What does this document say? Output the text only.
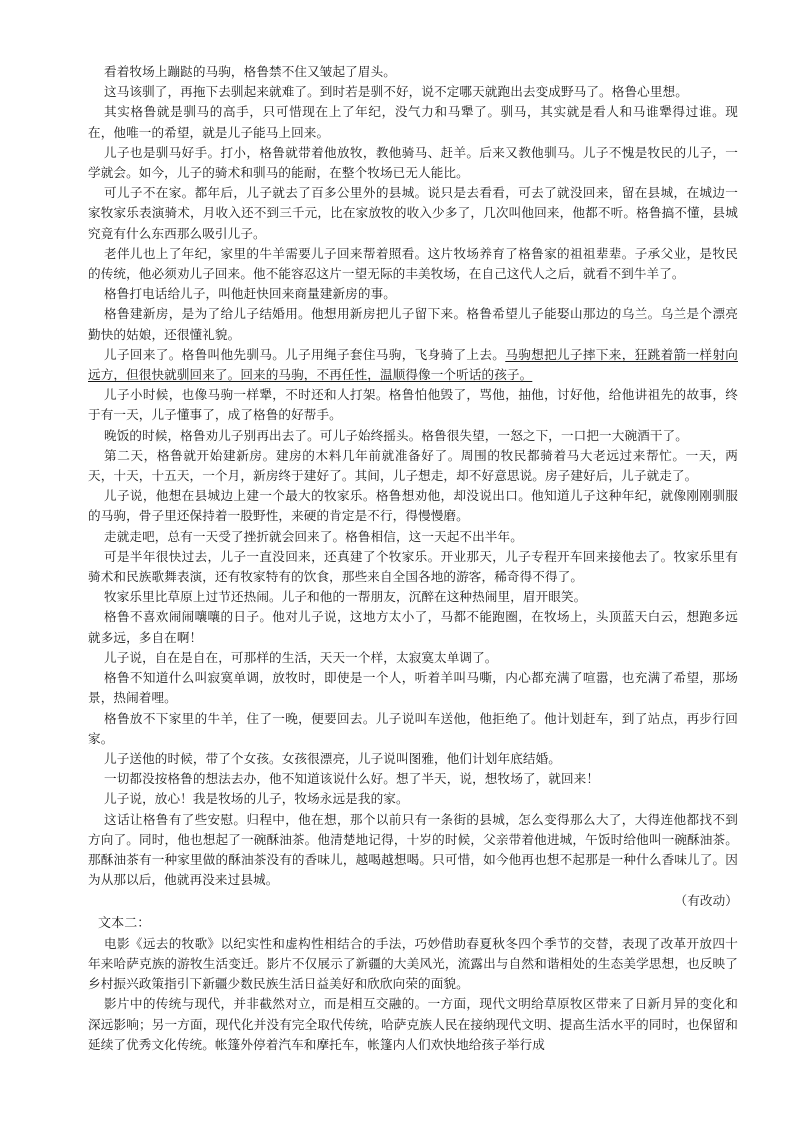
看着牧场上蹦跶的马驹，格鲁禁不住又皱起了眉头。

这马该驯了，再拖下去驯起来就难了。到时若是驯不好，说不定哪天就跑出去变成野马了。格鲁心里想。

其实格鲁就是驯马的高手，只可惜现在上了年纪，没气力和马犟了。驯马，其实就是看人和马谁犟得过谁。现在，他唯一的希望，就是儿子能马上回来。

儿子也是驯马好手。打小，格鲁就带着他放牧，教他骑马、赶羊。后来又教他驯马。儿子不愧是牧民的儿子，一学就会。如今，儿子的骑术和驯马的能耐，在整个牧场已无人能比。

可儿子不在家。都年后，儿子就去了百多公里外的县城。说只是去看看，可去了就没回来，留在县城，在城边一家牧家乐表演骑术，月收入还不到三千元，比在家放牧的收入少多了，几次叫他回来，他都不听。格鲁搞不懂，县城究竟有什么东西那么吸引儿子。

老伴儿也上了年纪，家里的牛羊需要儿子回来帮着照看。这片牧场养育了格鲁家的祖祖辈辈。子承父业，是牧民的传统，他必须劝儿子回来。他不能容忍这片一望无际的丰美牧场，在自己这代人之后，就看不到牛羊了。

格鲁打电话给儿子，叫他赶快回来商量建新房的事。

格鲁建新房，是为了给儿子结婚用。他想用新房把儿子留下来。格鲁希望儿子能娶山那边的乌兰。乌兰是个漂亮勤快的姑娘，还很懂礼貌。

儿子回来了。格鲁叫他先驯马。儿子用绳子套住马驹，飞身骑了上去。马驹想把儿子摔下来，狂跳着箭一样射向远方，但很快就驯回来了。回来的马驹，不再任性，温顺得像一个听话的孩子。

儿子小时候，也像马驹一样犟，不时还和人打架。格鲁怕他毁了，骂他，抽他，讨好他，给他讲祖先的故事，终于有一天，儿子懂事了，成了格鲁的好帮手。

晚饭的时候，格鲁劝儿子别再出去了。可儿子始终摇头。格鲁很失望，一怒之下，一口把一大碗酒干了。

第二天，格鲁就开始建新房。建房的木料几年前就准备好了。周围的牧民都骑着马大老远过来帮忙。一天，两天，十天，十五天，一个月，新房终于建好了。其间，儿子想走，却不好意思说。房子建好后，儿子就走了。

儿子说，他想在县城边上建一个最大的牧家乐。格鲁想劝他，却没说出口。他知道儿子这种年纪，就像刚刚驯服的马驹，骨子里还保持着一股野性，来硬的肯定是不行，得慢慢磨。

走就走吧，总有一天受了挫折就会回来了。格鲁相信，这一天起不出半年。

可是半年很快过去，儿子一直没回来，还真建了个牧家乐。开业那天，儿子专程开车回来接他去了。牧家乐里有骑术和民族歌舞表演，还有牧家特有的饮食，那些来自全国各地的游客，稀奇得不得了。

牧家乐里比草原上过节还热闹。儿子和他的一帮朋友，沉醉在这种热闹里，眉开眼笑。

格鲁不喜欢闹闹嚷嚷的日子。他对儿子说，这地方太小了，马都不能跑圈，在牧场上，头顶蓝天白云，想跑多远就多远，多自在啊！

儿子说，自在是自在，可那样的生活，天天一个样，太寂寞太单调了。

格鲁不知道什么叫寂寞单调，放牧时，即使是一个人，听着羊叫马嘶，内心都充满了喧嚣，也充满了希望，那场景，热闹着哩。

格鲁放不下家里的牛羊，住了一晚，便要回去。儿子说叫车送他，他拒绝了。他计划赶车，到了站点，再步行回家。

儿子送他的时候，带了个女孩。女孩很漂亮，儿子说叫图雅，他们计划年底结婚。

一切都没按格鲁的想法去办，他不知道该说什么好。想了半天，说，想牧场了，就回来！

儿子说，放心！我是牧场的儿子，牧场永远是我的家。

这话让格鲁有了些安慰。归程中，他在想，那个以前只有一条街的县城，怎么变得那么大了，大得连他都找不到方向了。同时，他也想起了一碗酥油茶。他清楚地记得，十岁的时候，父亲带着他进城，午饭时给他叫一碗酥油茶。那酥油茶有一种家里做的酥油茶没有的香味儿，越喝越想喝。只可惜，如今他再也想不起那是一种什么香味儿了。因为从那以后，他就再没来过县城。

（有改动）

文本二：

电影《远去的牧歌》以纪实性和虚构性相结合的手法，巧妙借助春夏秋冬四个季节的交替，表现了改革开放四十年来哈萨克族的游牧生活变迁。影片不仅展示了新疆的大美风光，流露出与自然和谐相处的生态美学思想，也反映了乡村振兴政策指引下新疆少数民族生活日益美好和欣欣向荣的面貌。

影片中的传统与现代，并非截然对立，而是相互交融的。一方面，现代文明给草原牧区带来了日新月异的变化和深远影响；另一方面，现代化并没有完全取代传统，哈萨克族人民在接纳现代文明、提高生活水平的同时，也保留和延续了优秀文化传统。帐篷外停着汽车和摩托车，帐篷内人们欢快地给孩子举行成
